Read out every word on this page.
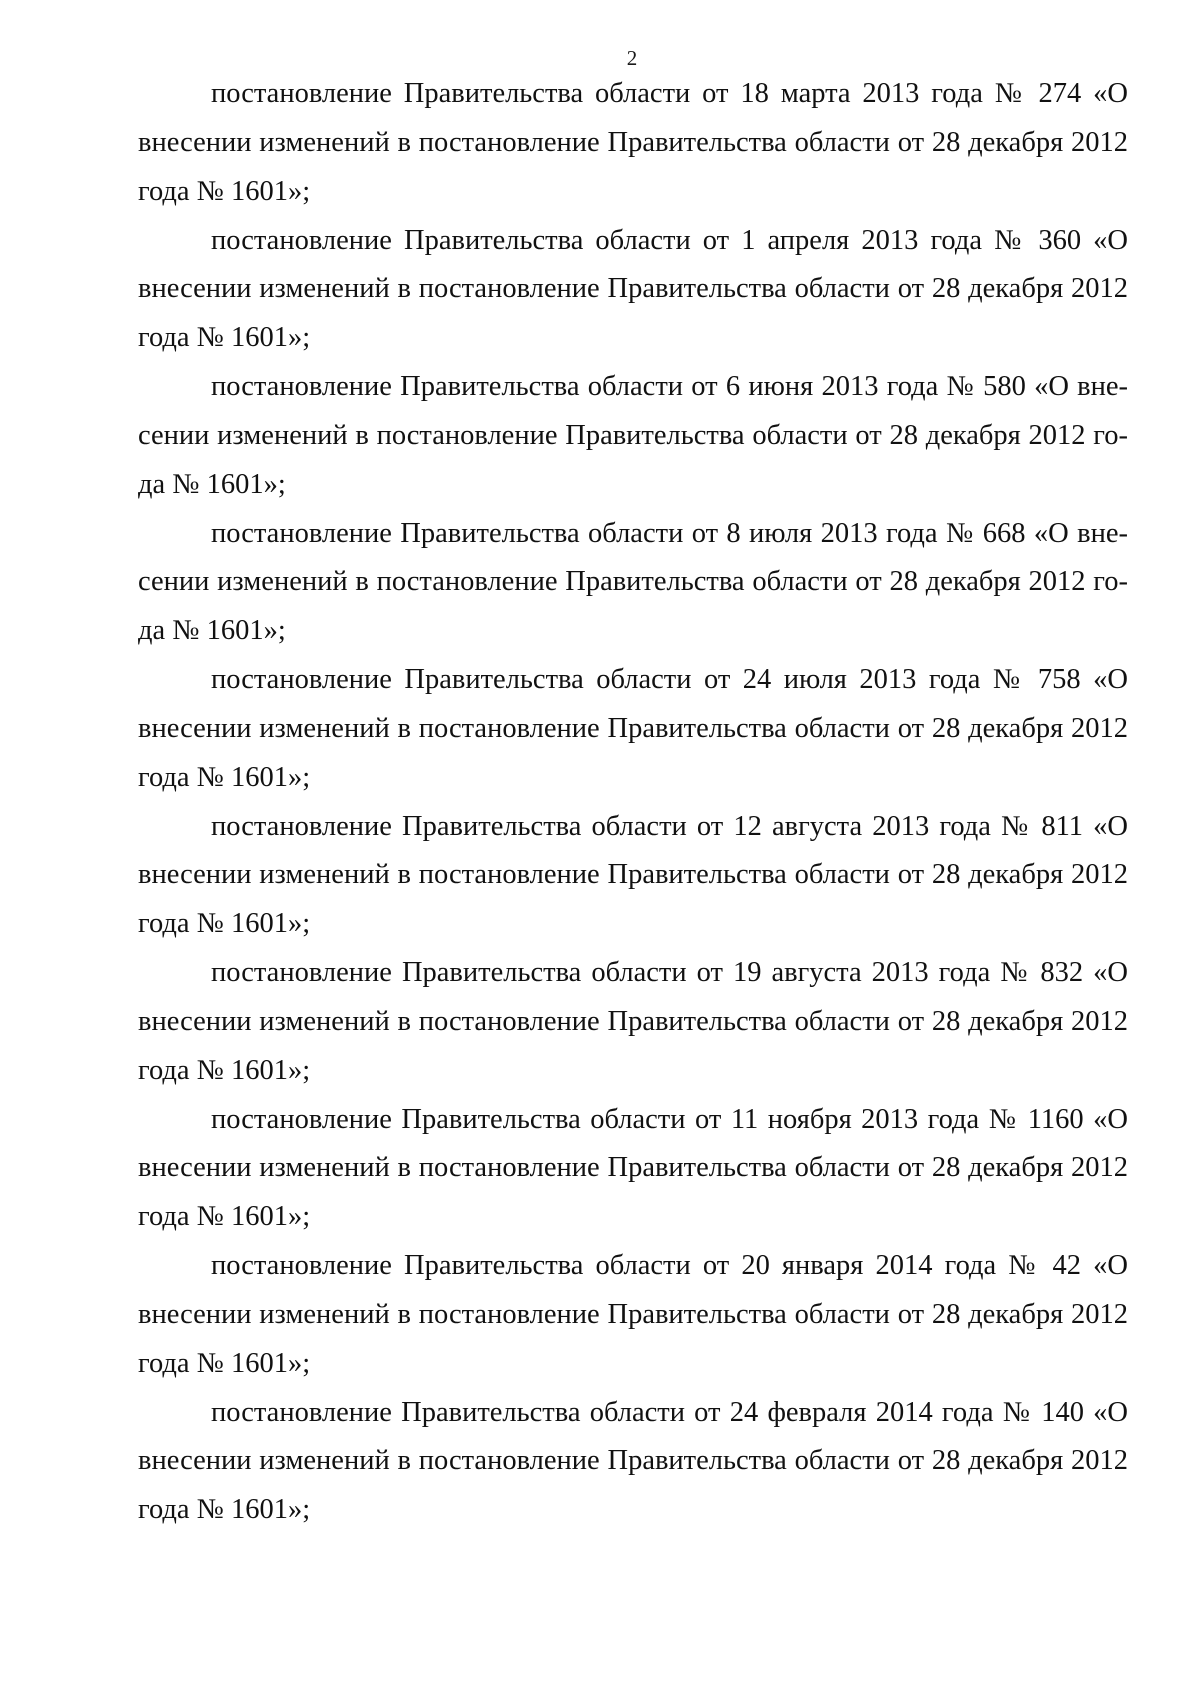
2
постановление Правительства области от 18 марта 2013 года № 274 «О
внесении изменений в постановление Правительства области от 28 декабря 2012
года № 1601»;
постановление Правительства области от 1 апреля 2013 года № 360 «О
внесении изменений в постановление Правительства области от 28 декабря 2012
года № 1601»;
постановление Правительства области от 6 июня 2013 года № 580 «О вне-
сении изменений в постановление Правительства области от 28 декабря 2012 го-
да № 1601»;
постановление Правительства области от 8 июля 2013 года № 668 «О вне-
сении изменений в постановление Правительства области от 28 декабря 2012 го-
да № 1601»;
постановление Правительства области от 24 июля 2013 года № 758 «О
внесении изменений в постановление Правительства области от 28 декабря 2012
года № 1601»;
постановление Правительства области от 12 августа 2013 года № 811 «О
внесении изменений в постановление Правительства области от 28 декабря 2012
года № 1601»;
постановление Правительства области от 19 августа 2013 года № 832 «О
внесении изменений в постановление Правительства области от 28 декабря 2012
года № 1601»;
постановление Правительства области от 11 ноября 2013 года № 1160 «О
внесении изменений в постановление Правительства области от 28 декабря 2012
года № 1601»;
постановление Правительства области от 20 января 2014 года № 42 «О
внесении изменений в постановление Правительства области от 28 декабря 2012
года № 1601»;
постановление Правительства области от 24 февраля 2014 года № 140 «О
внесении изменений в постановление Правительства области от 28 декабря 2012
года № 1601»;
